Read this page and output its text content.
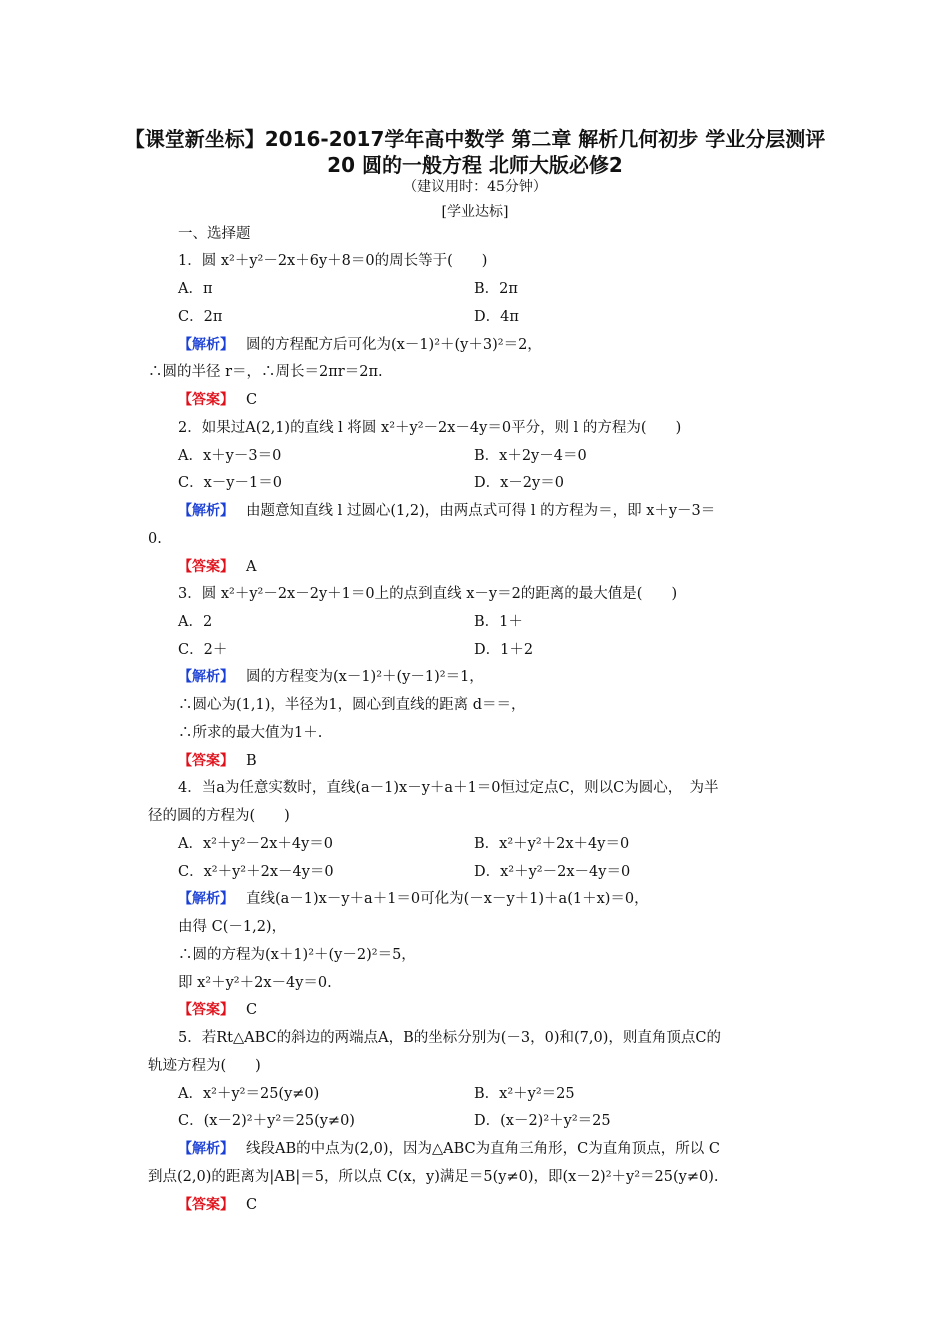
【课堂新坐标】2016-2017学年高中数学 第二章 解析几何初步 学业分层测评20 圆的一般方程 北师大版必修2
（建议用时：45分钟）
[学业达标]
一、选择题
1．圆 x²＋y²－2x＋6y＋8＝0的周长等于(　　)
A．π	B．2π
C．2π	D．4π
【解析】 圆的方程配方后可化为(x－1)²＋(y＋3)²＝2，
∴圆的半径 r＝，∴周长＝2πr＝2π.
【答案】 C
2．如果过A(2,1)的直线 l 将圆 x²＋y²－2x－4y＝0平分，则 l 的方程为(　　)
A．x＋y－3＝0	B．x＋2y－4＝0
C．x－y－1＝0	D．x－2y＝0
【解析】 由题意知直线 l 过圆心(1,2)，由两点式可得 l 的方程为＝，即 x＋y－3＝
0.
【答案】 A
3．圆 x²＋y²－2x－2y＋1＝0上的点到直线 x－y＝2的距离的最大值是(　　)
A．2	B．1＋
C．2＋	D．1＋2
【解析】 圆的方程变为(x－1)²＋(y－1)²＝1，
∴圆心为(1,1)，半径为1，圆心到直线的距离 d＝＝，
∴所求的最大值为1＋.
【答案】 B
4．当a为任意实数时，直线(a－1)x－y＋a＋1＝0恒过定点C，则以C为圆心，　为半
径的圆的方程为(　　)
A．x²＋y²－2x＋4y＝0	B．x²＋y²＋2x＋4y＝0
C．x²＋y²＋2x－4y＝0	D．x²＋y²－2x－4y＝0
【解析】 直线(a－1)x－y＋a＋1＝0可化为(－x－y＋1)＋a(1＋x)＝0，
由得 C(－1,2)，
∴圆的方程为(x＋1)²＋(y－2)²＝5，
即 x²＋y²＋2x－4y＝0.
【答案】 C
5．若Rt△ABC的斜边的两端点A，B的坐标分别为(－3，0)和(7,0)，则直角顶点C的
轨迹方程为(　　)
A．x²＋y²＝25(y≠0)	B．x²＋y²＝25
C．(x－2)²＋y²＝25(y≠0)	D．(x－2)²＋y²＝25
【解析】 线段AB的中点为(2,0)，因为△ABC为直角三角形，C为直角顶点，所以 C
到点(2,0)的距离为|AB|＝5，所以点 C(x，y)满足＝5(y≠0)，即(x－2)²＋y²＝25(y≠0).
【答案】 C
